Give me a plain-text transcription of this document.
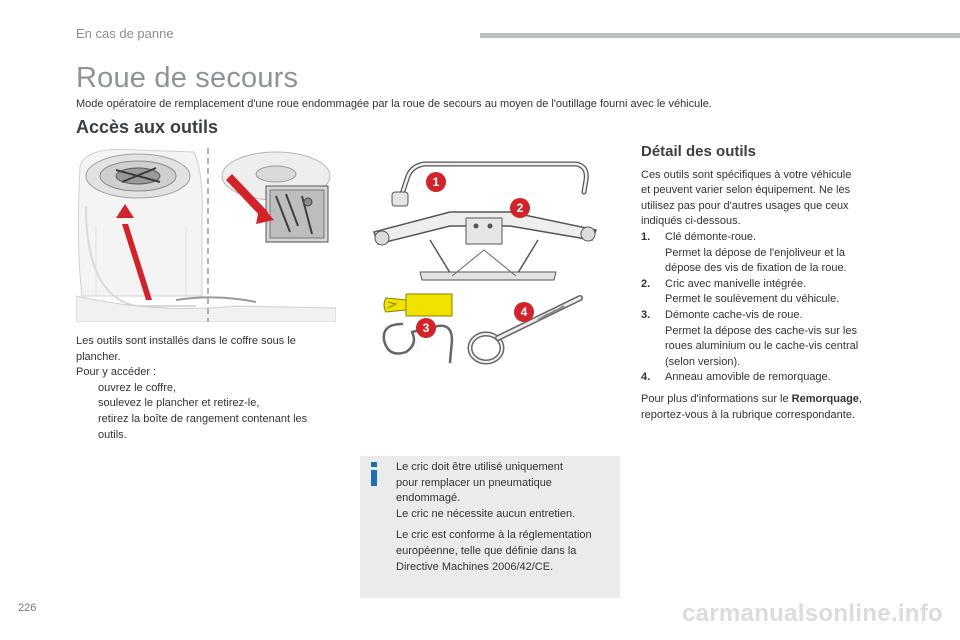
En cas de panne
Roue de secours
Mode opératoire de remplacement d'une roue endommagée par la roue de secours au moyen de l'outillage fourni avec le véhicule.
Accès aux outils
Les outils sont installés dans le coffre sous le
plancher.
Pour y accéder :
ouvrez le coffre,
soulevez le plancher et retirez-le,
retirez la boîte de rangement contenant les
outils.
1
2
3
4
Détail des outils
Ces outils sont spécifiques à votre véhicule
et peuvent varier selon équipement. Ne les
utilisez pas pour d'autres usages que ceux
indiqués ci-dessous.
1.	Clé démonte-roue.
Permet la dépose de l'enjoliveur et la
dépose des vis de fixation de la roue.
2.	Cric avec manivelle intégrée.
Permet le soulèvement du véhicule.
3.	Démonte cache-vis de roue.
Permet la dépose des cache-vis sur les
roues aluminium ou le cache-vis central
(selon version).
4.	Anneau amovible de remorquage.
Pour plus d'informations sur le Remorquage,
reportez-vous à la rubrique correspondante.
Le cric doit être utilisé uniquement
pour remplacer un pneumatique
endommagé.
Le cric ne nécessite aucun entretien.
Le cric est conforme à la réglementation
européenne, telle que définie dans la
Directive Machines 2006/42/CE.
226	carmanualsonline.info
